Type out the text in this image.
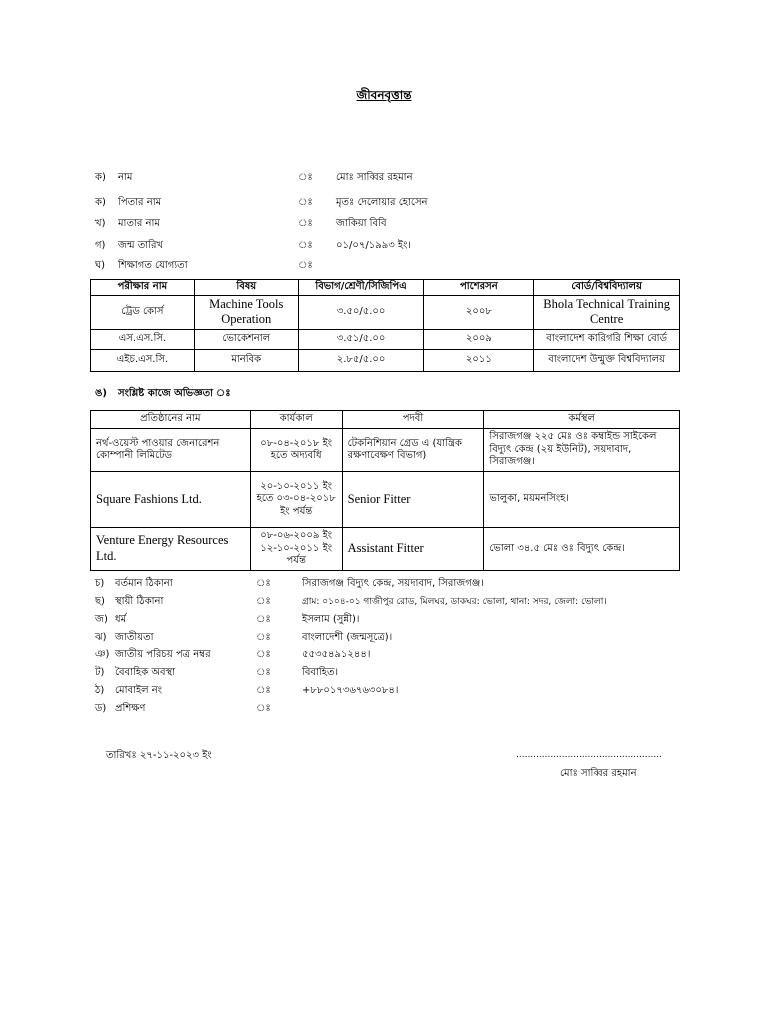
জীবনবৃত্তান্ত
ক) নাম	ঃ মোঃ সাব্বির রহমান
ক) পিতার নাম	ঃ মৃতঃ দেলোয়ার হোসেন
খ) মাতার নাম	ঃ জাকিয়া বিবি
গ) জন্ম তারিখ	ঃ ০১/০৭/১৯৯৩ ইং।
ঘ) শিক্ষাগত যোগ্যতা	ঃ
পরীক্ষার নাম	বিষয়	বিভাগ/শ্রেণী/সিজিপিএ	পাশেরসন	বোর্ড/বিশ্ববিদ্যালয়
ট্রেড কোর্স	Machine Tools Operation	৩.৫০/৫.০০	২০০৮	Bhola Technical Training Centre
এস.এস.সি.	ভোকেশনাল	৩.৫১/৫.০০	২০০৯	বাংলাদেশ কারিগরি শিক্ষা বোর্ড
এইচ.এস.সি.	মানবিক	২.৮৫/৫.০০	২০১১	বাংলাদেশ উন্মুক্ত বিশ্ববিদ্যালয়
ঙ) সংশ্লিষ্ট কাজে অভিজ্ঞতা ঃ
প্রতিষ্ঠানের নাম	কার্যকাল	পদবী	কর্মস্থল
নর্থ-ওয়েস্ট পাওয়ার জেনারেশন কোম্পানী লিমিটেড	০৮-০৪-২০১৮ ইং হতে অদ্যবধি	টেকনিশিয়ান গ্রেড এ (যান্ত্রিক রক্ষণাবেক্ষণ বিভাগ)	সিরাজগঞ্জ ২২৫ মেঃ ওঃ কম্বাইন্ড সাইকেল বিদ্যুৎ কেন্দ্র (২য় ইউনিট), সয়দাবাদ, সিরাজগঞ্জ।
Square Fashions Ltd.	২০-১০-২০১১ ইং হতে ০৩-০৪-২০১৮ ইং পর্যন্ত	Senior Fitter	ভালুকা, ময়মনসিংহ।
Venture Energy Resources Ltd.	০৮-০৬-২০০৯ ইং ১২-১০-২০১১ ইং পর্যন্ত	Assistant Fitter	ভোলা ৩৪.৫ মেঃ ওঃ বিদ্যুৎ কেন্দ্র।
চ) বর্তমান ঠিকানা	ঃ	সিরাজগঞ্জ বিদ্যুৎ কেন্দ্র, সয়দাবাদ, সিরাজগঞ্জ।
ছ) স্থায়ী ঠিকানা	ঃ	গ্রাম: ০১০৪-০১ গাজীপুর রোড, মিলঘর, ডাকঘর: ভোলা, থানা: সদর, জেলা: ভোলা।
জ) ধর্ম	ঃ	ইসলাম (সুন্নী)।
ঝ) জাতীয়তা	ঃ	বাংলাদেশী (জন্মসূত্রে)।
ঞ) জাতীয় পরিচয় পত্র নম্বর	ঃ	৫৫৩৫৪৯১২৪৪।
ট) বৈবাহিক অবস্থা	ঃ	বিবাহিত।
ঠ) মোবাইল নং	ঃ	+৮৮০১৭৩৬৭৬৩০৮৪।
ড) প্রশিক্ষণ	ঃ
তারিখঃ ২৭-১১-২০২৩ ইং	...................................................
মোঃ সাব্বির রহমান
